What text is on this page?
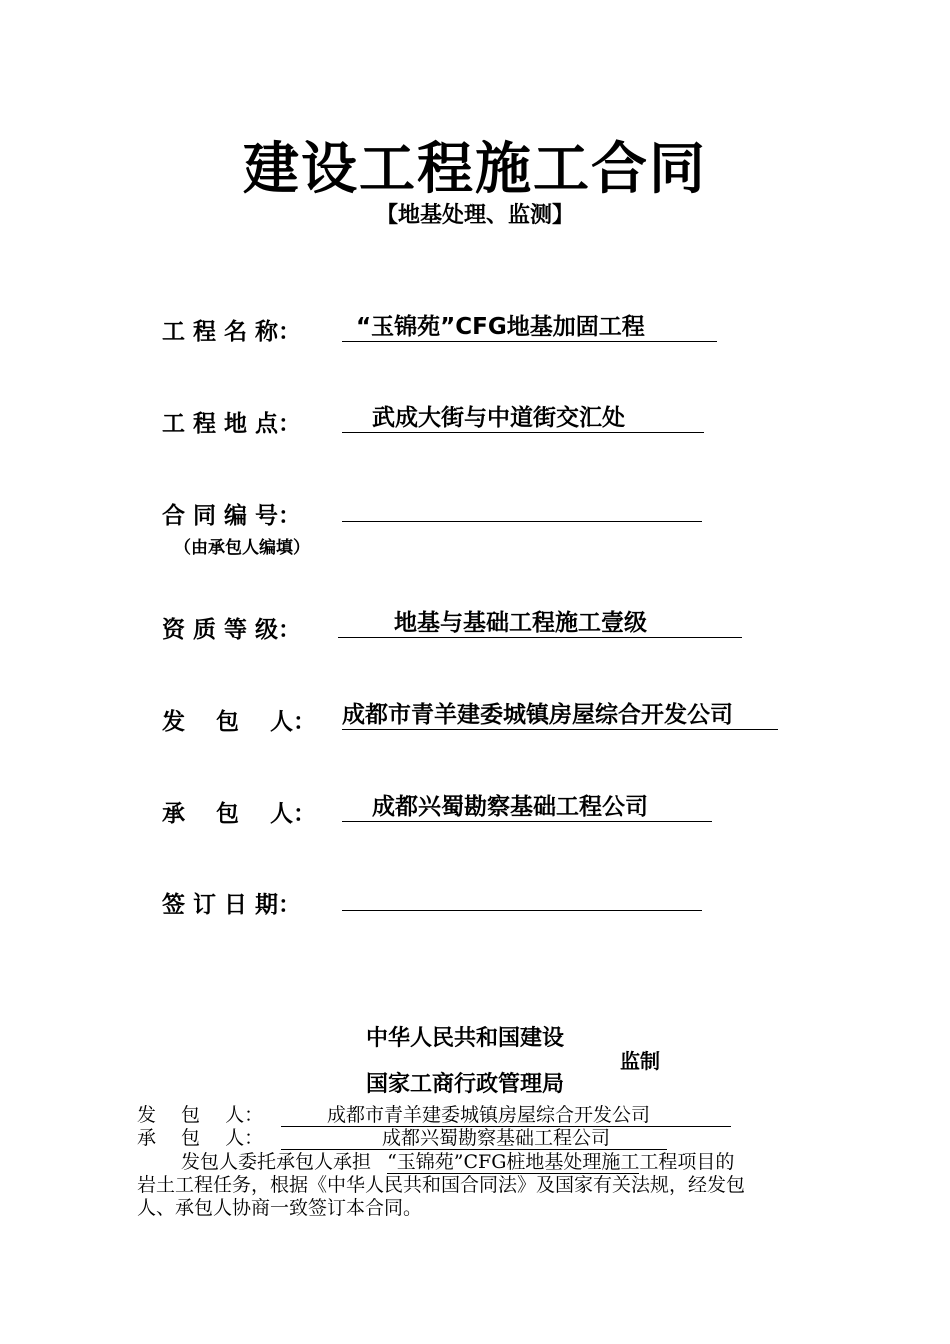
建设工程施工合同
【地基处理、监测】
工 程 名 称：	“玉锦苑”CFG地基加固工程
工 程 地 点：	武成大街与中道街交汇处
合 同 编 号：
（由承包人编填）
资 质 等 级：	地基与基础工程施工壹级
发　 包　 人： 成都市青羊建委城镇房屋综合开发公司
承　 包　 人：	成都兴蜀勘察基础工程公司
签 订 日 期：
中华人民共和国建设
监制
国家工商行政管理局
发　 包　 人：	成都市青羊建委城镇房屋综合开发公司
承　 包　 人：	成都兴蜀勘察基础工程公司
发包人委托承包人承担 “玉锦苑”CFG桩地基处理施工工程项目的
岩土工程任务，根据《中华人民共和国合同法》及国家有关法规，经发包
人、承包人协商一致签订本合同。
